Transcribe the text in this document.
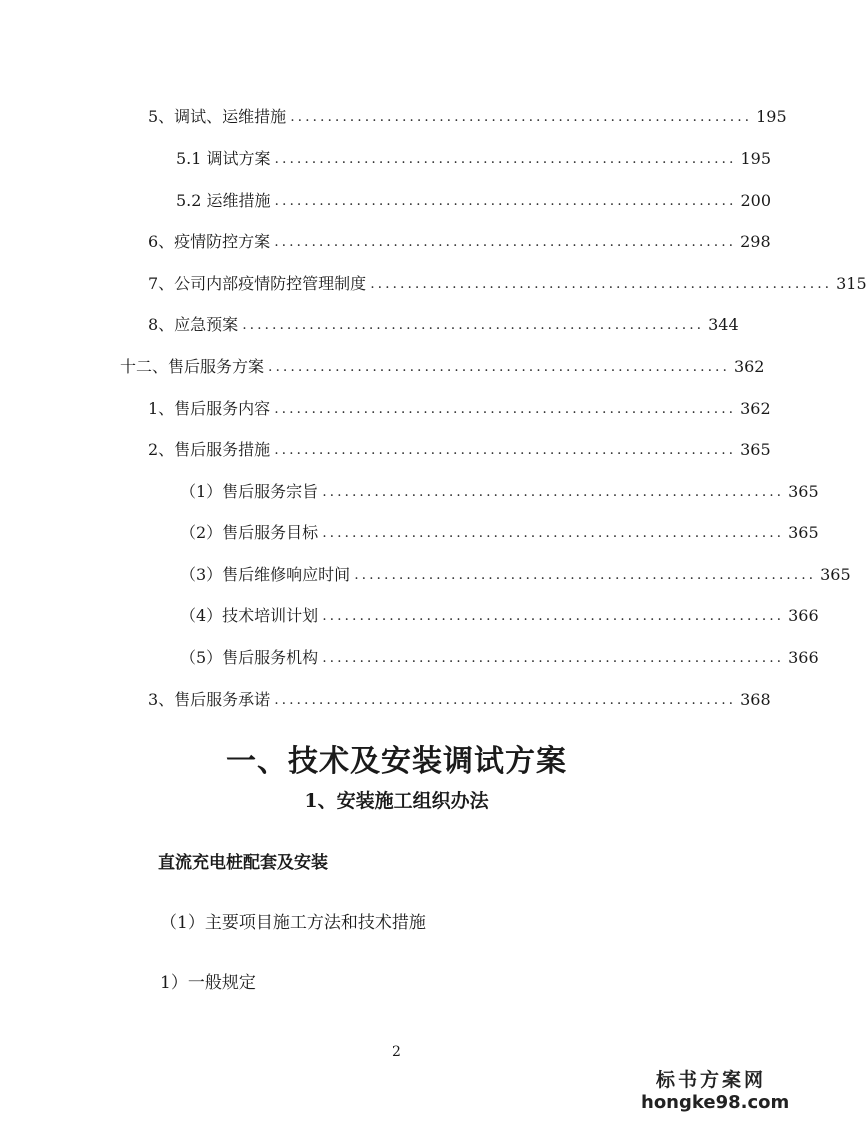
5、调试、运维措施 .............................................................. 195
5.1 调试方案 .............................................................. 195
5.2 运维措施 .............................................................. 200
6、疫情防控方案 .............................................................. 298
7、公司内部疫情防控管理制度 .............................................................. 315
8、应急预案 .............................................................. 344
十二、售后服务方案 .............................................................. 362
1、售后服务内容 .............................................................. 362
2、售后服务措施 .............................................................. 365
（1）售后服务宗旨 .............................................................. 365
（2）售后服务目标 .............................................................. 365
（3）售后维修响应时间 .............................................................. 365
（4）技术培训计划 .............................................................. 366
（5）售后服务机构 .............................................................. 366
3、售后服务承诺 .............................................................. 368
一、技术及安装调试方案
1、安装施工组织办法
直流充电桩配套及安装
（1）主要项目施工方法和技术措施
1）一般规定
2
标书方案网
hongke98.com
